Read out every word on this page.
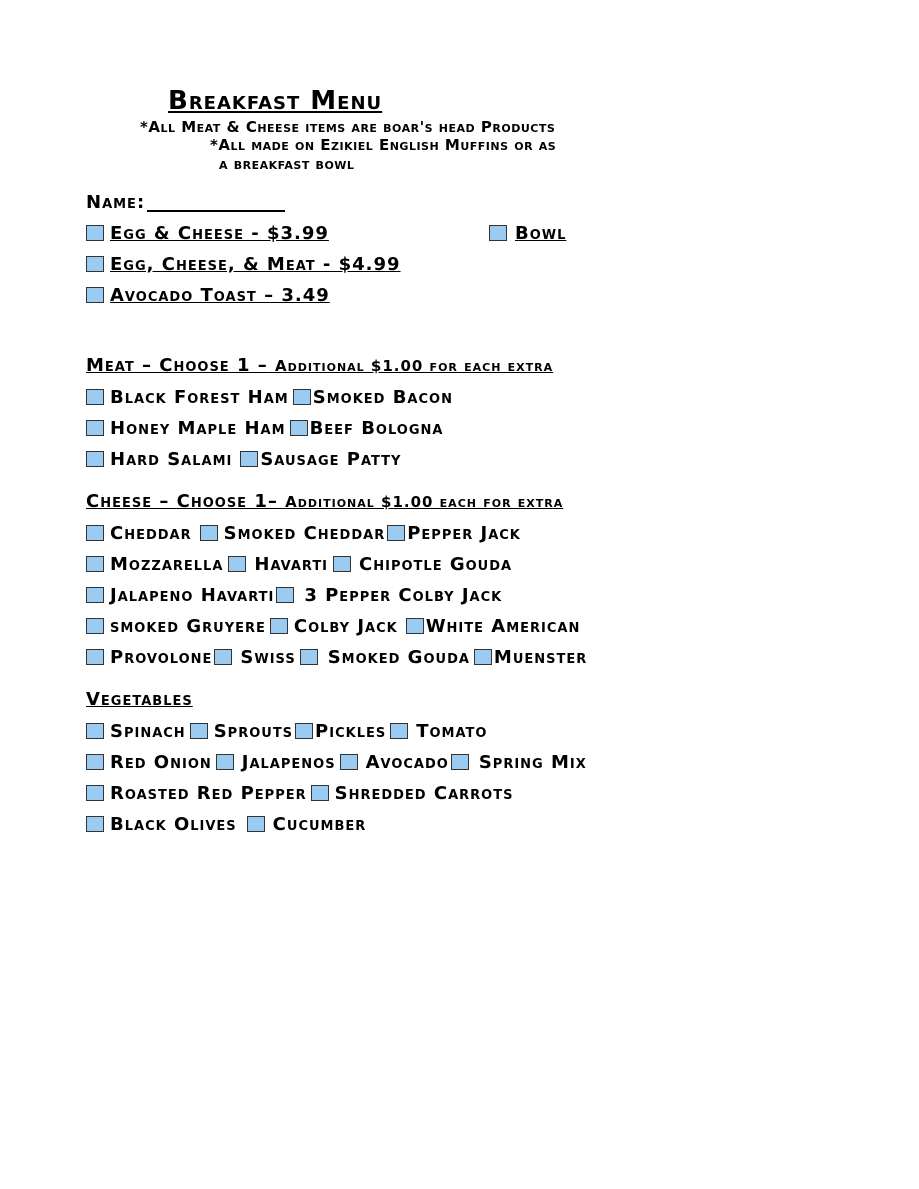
Breakfast Menu
*All Meat & Cheese items are boar's head Products
*All made on Ezikiel English Muffins or as
a breakfast bowl
Name:
Egg & Cheese - $3.99	Bowl
Egg, Cheese, & Meat - $4.99
Avocado Toast – 3.49
Meat – Choose 1 – Additional $1.00 for each extra
Black Forest Ham Smoked Bacon
Honey Maple Ham Beef Bologna
Hard Salami Sausage Patty
Cheese – Choose 1– Additional $1.00 each for extra
Cheddar Smoked Cheddar Pepper Jack
Mozzarella Havarti Chipotle Gouda
Jalapeno Havarti 3 Pepper Colby Jack
smoked Gruyere Colby Jack White American
Provolone Swiss Smoked Gouda Muenster
Vegetables
Spinach Sprouts Pickles Tomato
Red Onion Jalapenos Avocado Spring Mix
Roasted Red Pepper Shredded Carrots
Black Olives Cucumber
